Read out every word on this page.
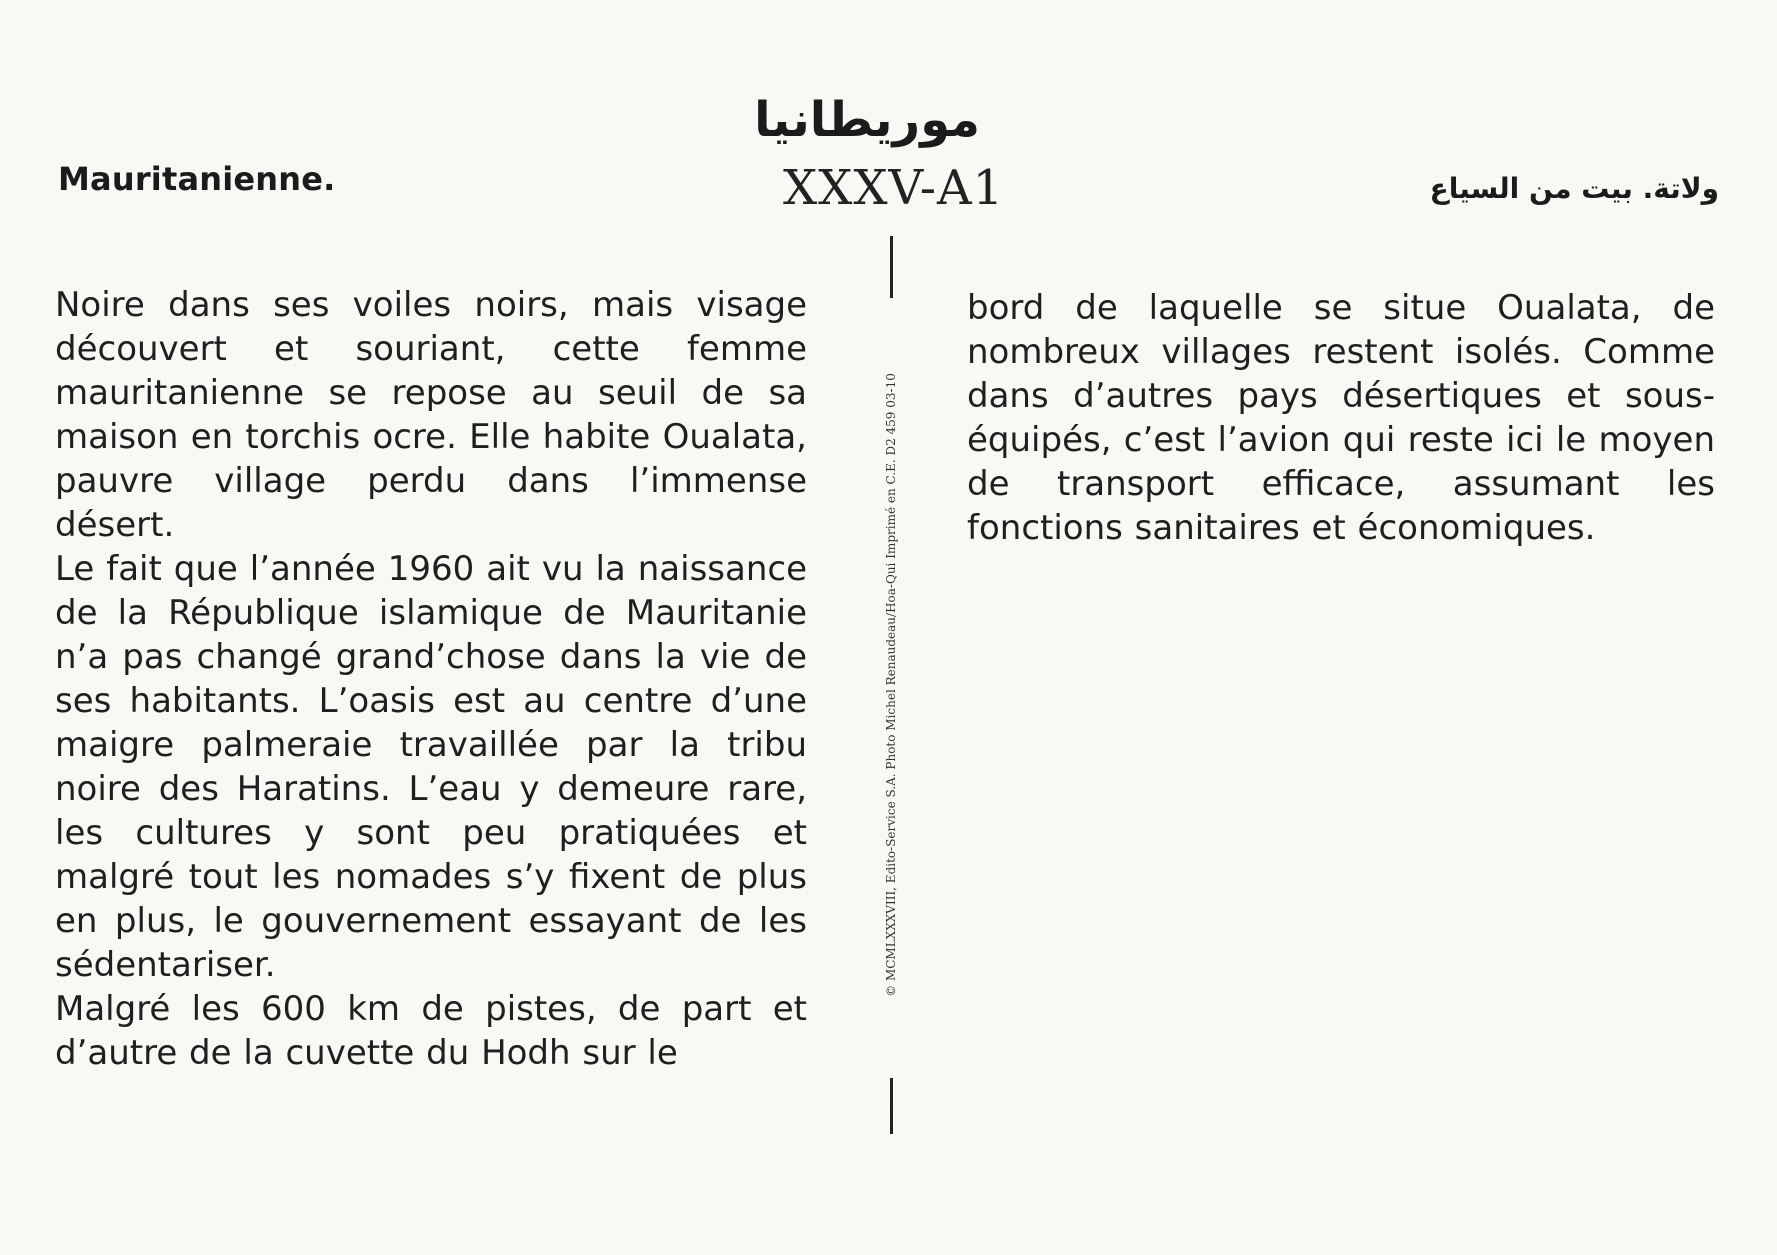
Mauritanienne.
موريطانيا
XXXV-A1	ولاتة. بيت من السياع

Noire dans ses voiles noirs, mais visage découvert et souriant, cette femme mauritanienne se repose au seuil de sa maison en torchis ocre. Elle habite Oualata, pauvre village perdu dans l’immense désert.

Le fait que l’année 1960 ait vu la naissance de la République islamique de Mauritanie n’a pas changé grand’chose dans la vie de ses habitants. L’oasis est au centre d’une maigre palmeraie travaillée par la tribu noire des Haratins. L’eau y demeure rare, les cultures y sont peu pratiquées et malgré tout les nomades s’y fixent de plus en plus, le gouvernement essayant de les sédentariser.

Malgré les 600 km de pistes, de part et d’autre de la cuvette du Hodh sur le

bord de laquelle se situe Oualata, de nombreux villages restent isolés. Comme dans d’autres pays désertiques et sous-équipés, c’est l’avion qui reste ici le moyen de transport efficace, assumant les fonctions sanitaires et économiques.

© MCMLXXXVIII, Edito-Service S.A. Photo Michel Renaudeau/Hoa-Qui Imprimé en C.E. D2 459 03-10
